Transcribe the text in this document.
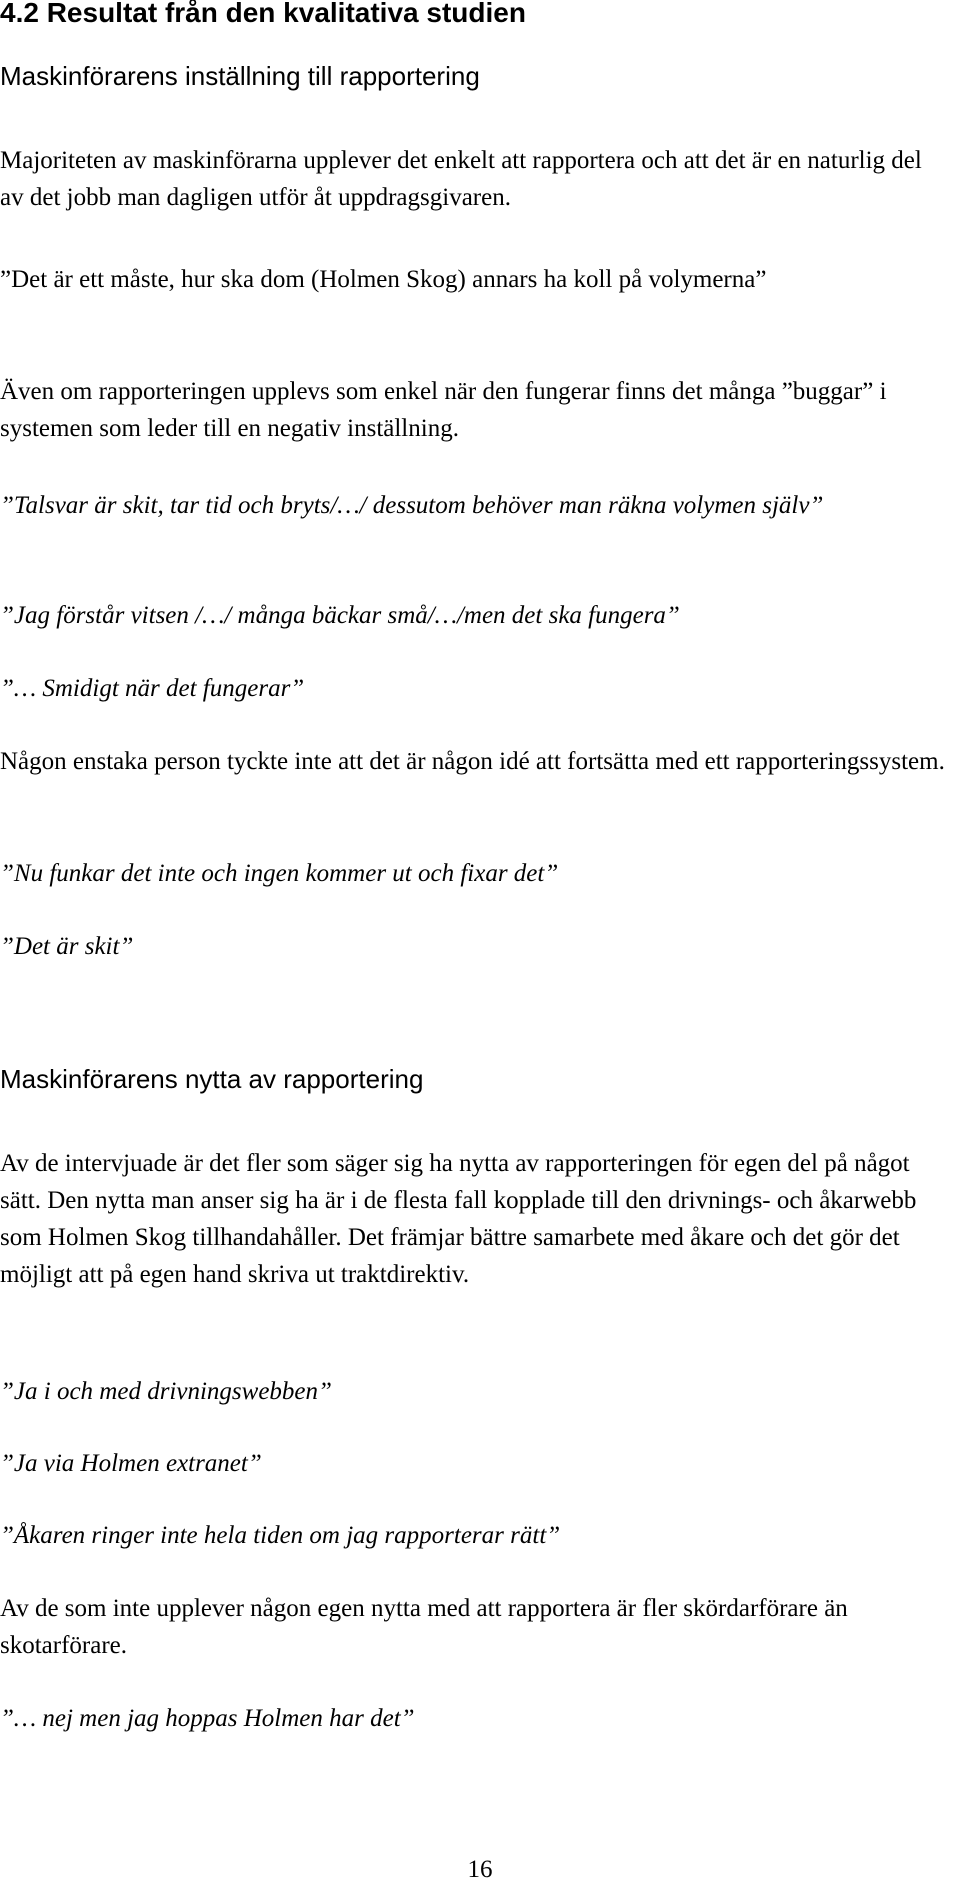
4.2 Resultat från den kvalitativa studien
Maskinförarens inställning till rapportering

Majoriteten av maskinförarna upplever det enkelt att rapportera och att det är en naturlig del av det jobb man dagligen utför åt uppdragsgivaren.

”Det är ett måste, hur ska dom (Holmen Skog) annars ha koll på volymerna”

Även om rapporteringen upplevs som enkel när den fungerar finns det många ”buggar” i systemen som leder till en negativ inställning.

”Talsvar är skit, tar tid och bryts/…/ dessutom behöver man räkna volymen själv”

”Jag förstår vitsen /…/ många bäckar små/…/men det ska fungera”

”… Smidigt när det fungerar”

Någon enstaka person tyckte inte att det är någon idé att fortsätta med ett rapporteringssystem.

”Nu funkar det inte och ingen kommer ut och fixar det”

”Det är skit”

Maskinförarens nytta av rapportering

Av de intervjuade är det fler som säger sig ha nytta av rapporteringen för egen del på något sätt. Den nytta man anser sig ha är i de flesta fall kopplade till den drivnings- och åkarwebb som Holmen Skog tillhandahåller. Det främjar bättre samarbete med åkare och det gör det möjligt att på egen hand skriva ut traktdirektiv.

”Ja i och med drivningswebben”

”Ja via Holmen extranet”

”Åkaren ringer inte hela tiden om jag rapporterar rätt”

Av de som inte upplever någon egen nytta med att rapportera är fler skördarförare än skotarförare.

”… nej men jag hoppas Holmen har det”

16
